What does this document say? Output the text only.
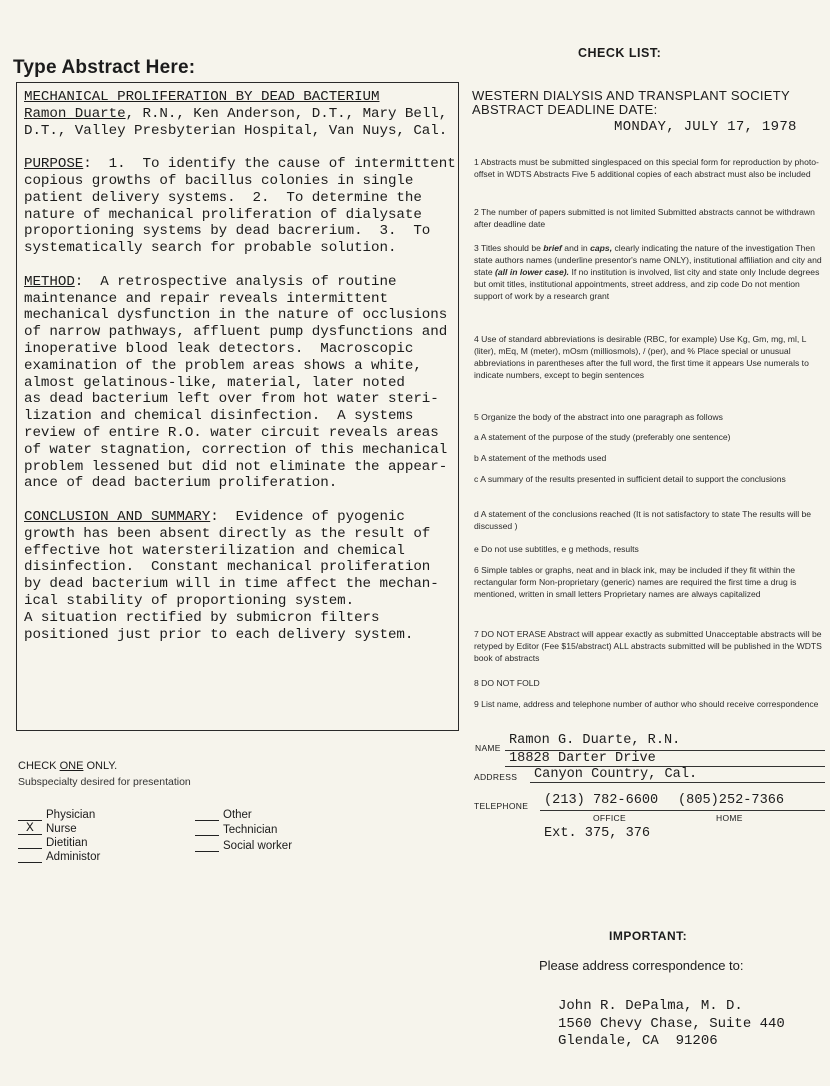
Type Abstract Here:
MECHANICAL PROLIFERATION BY DEAD BACTERIUM
Ramon Duarte, R.N., Ken Anderson, D.T., Mary Bell,
D.T., Valley Presbyterian Hospital, Van Nuys, Cal.

PURPOSE:  1.  To identify the cause of intermittent
copious growths of bacillus colonies in single
patient delivery systems.  2.  To determine the
nature of mechanical proliferation of dialysate
proportioning systems by dead bacrerium.  3.  To
systematically search for probable solution.

METHOD:  A retrospective analysis of routine
maintenance and repair reveals intermittent
mechanical dysfunction in the nature of occlusions
of narrow pathways, affluent pump dysfunctions and
inoperative blood leak detectors.  Macroscopic
examination of the problem areas shows a white,
almost gelatinous-like, material, later noted
as dead bacterium left over from hot water steri-
lization and chemical disinfection.  A systems
review of entire R.O. water circuit reveals areas
of water stagnation, correction of this mechanical
problem lessened but did not eliminate the appear-
ance of dead bacterium proliferation.

CONCLUSION AND SUMMARY:  Evidence of pyogenic
growth has been absent directly as the result of
effective hot watersterilization and chemical
disinfection.  Constant mechanical proliferation
by dead bacterium will in time affect the mechan-
ical stability of proportioning system.
A situation rectified by submicron filters
positioned just prior to each delivery system.
CHECK ONE ONLY.
Subspecialty desired for presentation
Physician
X Nurse
Dietitian
Administor
Other
Technician
Social worker
CHECK LIST:
WESTERN DIALYSIS AND TRANSPLANT SOCIETY
ABSTRACT DEADLINE DATE:
MONDAY, JULY 17, 1978
1 Abstracts must be submitted singlespaced on this special form for reproduction by photo-offset in WDTS Abstracts Five 5 additional copies of each abstract must also be included
2 The number of papers submitted is not limited Submitted abstracts cannot be withdrawn after deadline date
3 Titles should be brief and in caps, clearly indicating the nature of the investigation Then state authors names (underline presentor's name ONLY), institutional affiliation and city and state (all in lower case). If no institution is involved, list city and state only Include degrees but omit titles, institutional appointments, street address, and zip code Do not mention support of work by a research grant
4 Use of standard abbreviations is desirable (RBC, for example) Use Kg, Gm, mg, ml, L (liter), mEq, M (meter), mOsm (milliosmols), / (per), and % Place special or unusual abbreviations in parentheses after the full word, the first time it appears Use numerals to indicate numbers, except to begin sentences
5 Organize the body of the abstract into one paragraph as follows
a A statement of the purpose of the study (preferably one sentence)
b A statement of the methods used
c A summary of the results presented in sufficient detail to support the conclusions
d A statement of the conclusions reached (It is not satisfactory to state The results will be discussed )
e Do not use subtitles, e g methods, results
6 Simple tables or graphs, neat and in black ink, may be included if they fit within the rectangular form Non-proprietary (generic) names are required the first time a drug is mentioned, written in small letters Proprietary names are always capitalized
7 DO NOT ERASE Abstract will appear exactly as submitted Unacceptable abstracts will be retyped by Editor (Fee $15/abstract) ALL abstracts submitted will be published in the WDTS book of abstracts
8 DO NOT FOLD
9 List name, address and telephone number of author who should receive correspondence
NAME Ramon G. Duarte, R.N.
18828 Darter Drive
ADDRESS Canyon Country, Cal.
TELEPHONE (213) 782-6600 (805)252-7366
OFFICE	HOME
Ext. 375, 376
IMPORTANT:
Please address correspondence to:
John R. DePalma, M. D.
1560 Chevy Chase, Suite 440
Glendale, CA  91206
